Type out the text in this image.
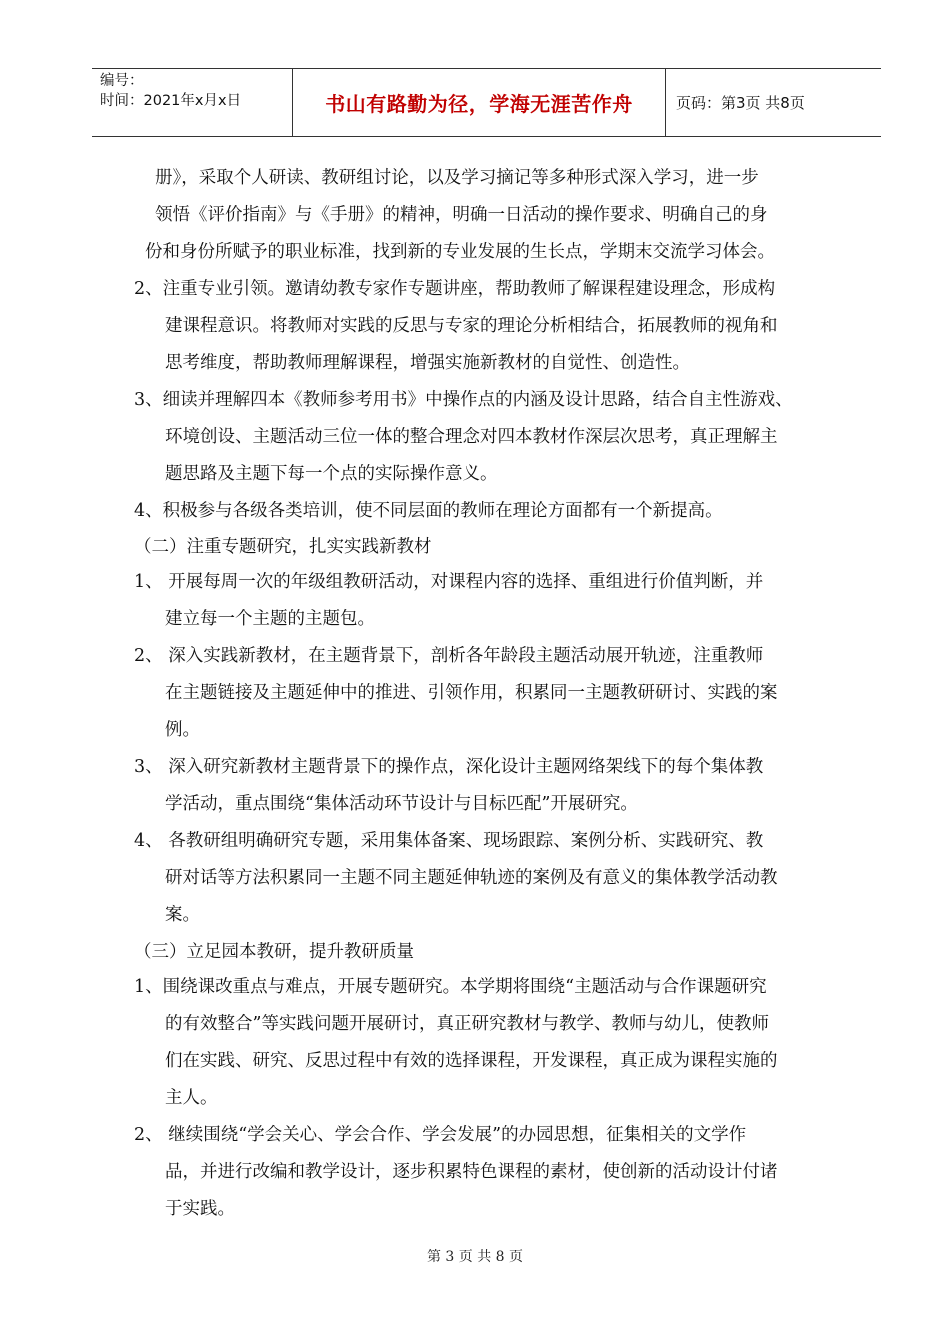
编号：
时间：2021年x月x日	书山有路勤为径，学海无涯苦作舟	页码：第3页 共8页
册》，采取个人研读、教研组讨论，以及学习摘记等多种形式深入学习，进一步
领悟《评价指南》与《手册》的精神，明确一日活动的操作要求、明确自己的身
份和身份所赋予的职业标准，找到新的专业发展的生长点，学期末交流学习体会。
2、注重专业引领。邀请幼教专家作专题讲座，帮助教师了解课程建设理念，形成构
建课程意识。将教师对实践的反思与专家的理论分析相结合，拓展教师的视角和
思考维度，帮助教师理解课程，增强实施新教材的自觉性、创造性。
3、细读并理解四本《教师参考用书》中操作点的内涵及设计思路，结合自主性游戏、
环境创设、主题活动三位一体的整合理念对四本教材作深层次思考，真正理解主
题思路及主题下每一个点的实际操作意义。
4、积极参与各级各类培训，使不同层面的教师在理论方面都有一个新提高。
（二）注重专题研究，扎实实践新教材
1、 开展每周一次的年级组教研活动，对课程内容的选择、重组进行价值判断，并
建立每一个主题的主题包。
2、 深入实践新教材，在主题背景下，剖析各年龄段主题活动展开轨迹，注重教师
在主题链接及主题延伸中的推进、引领作用，积累同一主题教研研讨、实践的案
例。
3、 深入研究新教材主题背景下的操作点，深化设计主题网络架线下的每个集体教
学活动，重点围绕“集体活动环节设计与目标匹配”开展研究。
4、 各教研组明确研究专题，采用集体备案、现场跟踪、案例分析、实践研究、教
研对话等方法积累同一主题不同主题延伸轨迹的案例及有意义的集体教学活动教
案。
（三）立足园本教研，提升教研质量
1、围绕课改重点与难点，开展专题研究。本学期将围绕“主题活动与合作课题研究
的有效整合”等实践问题开展研讨，真正研究教材与教学、教师与幼儿，使教师
们在实践、研究、反思过程中有效的选择课程，开发课程，真正成为课程实施的
主人。
2、 继续围绕“学会关心、学会合作、学会发展”的办园思想，征集相关的文学作
品，并进行改编和教学设计，逐步积累特色课程的素材，使创新的活动设计付诸
于实践。
第 3 页 共 8 页
